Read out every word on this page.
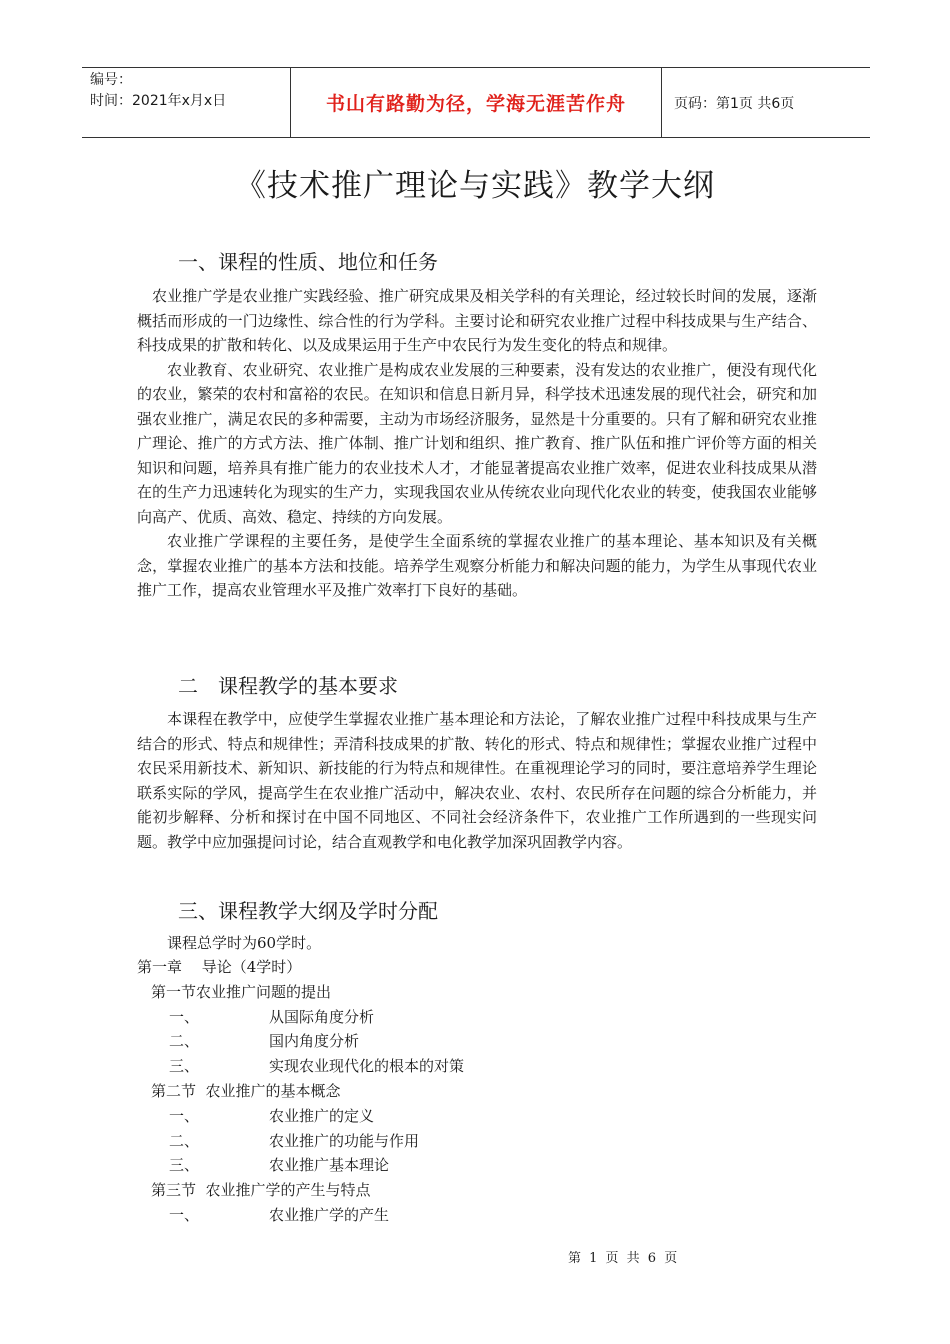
编号：
时间：2021年x月x日	书山有路勤为径，学海无涯苦作舟	页码：第1页 共6页
《技术推广理论与实践》教学大纲
一、课程的性质、地位和任务

农业推广学是农业推广实践经验、推广研究成果及相关学科的有关理论，经过较长时间的发展，逐渐概括而形成的一门边缘性、综合性的行为学科。主要讨论和研究农业推广过程中科技成果与生产结合、科技成果的扩散和转化、以及成果运用于生产中农民行为发生变化的特点和规律。

农业教育、农业研究、农业推广是构成农业发展的三种要素，没有发达的农业推广，便没有现代化的农业，繁荣的农村和富裕的农民。在知识和信息日新月异，科学技术迅速发展的现代社会，研究和加强农业推广，满足农民的多种需要，主动为市场经济服务，显然是十分重要的。只有了解和研究农业推广理论、推广的方式方法、推广体制、推广计划和组织、推广教育、推广队伍和推广评价等方面的相关知识和问题，培养具有推广能力的农业技术人才，才能显著提高农业推广效率，促进农业科技成果从潜在的生产力迅速转化为现实的生产力，实现我国农业从传统农业向现代化农业的转变，使我国农业能够向高产、优质、高效、稳定、持续的方向发展。

农业推广学课程的主要任务，是使学生全面系统的掌握农业推广的基本理论、基本知识及有关概念，掌握农业推广的基本方法和技能。培养学生观察分析能力和解决问题的能力，为学生从事现代农业推广工作，提高农业管理水平及推广效率打下良好的基础。

二　课程教学的基本要求

本课程在教学中，应使学生掌握农业推广基本理论和方法论，了解农业推广过程中科技成果与生产结合的形式、特点和规律性；弄清科技成果的扩散、转化的形式、特点和规律性；掌握农业推广过程中农民采用新技术、新知识、新技能的行为特点和规律性。在重视理论学习的同时，要注意培养学生理论联系实际的学风，提高学生在农业推广活动中，解决农业、农村、农民所存在问题的综合分析能力，并能初步解释、分析和探讨在中国不同地区、不同社会经济条件下，农业推广工作所遇到的一些现实问题。教学中应加强提问讨论，结合直观教学和电化教学加深巩固教学内容。

三、课程教学大纲及学时分配

课程总学时为60学时。

第一章　 导论（4学时）
第一节农业推广问题的提出
一、	从国际角度分析
二、	国内角度分析
三、	实现农业现代化的根本的对策
第二节  农业推广的基本概念
一、	农业推广的定义
二、	农业推广的功能与作用
三、	农业推广基本理论
第三节  农业推广学的产生与特点
一、	农业推广学的产生
第 1 页 共 6 页
